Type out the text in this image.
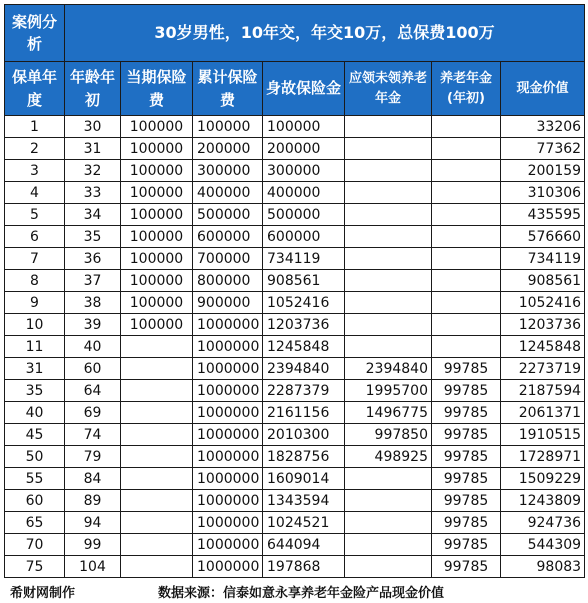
案例分析	30岁男性，10年交，年交10万，总保费100万						
保单年度	年龄年初	当期保险费	累计保险费	身故保险金	应领未领养老年金	养老年金(年初)	现金价值
1	30	100000	100000	100000			33206
2	31	100000	200000	200000			77362
3	32	100000	300000	300000			200159
4	33	100000	400000	400000			310306
5	34	100000	500000	500000			435595
6	35	100000	600000	600000			576660
7	36	100000	700000	734119			734119
8	37	100000	800000	908561			908561
9	38	100000	900000	1052416			1052416
10	39	100000	1000000	1203736			1203736
11	40		1000000	1245848			1245848
31	60		1000000	2394840	2394840	99785	2273719
35	64		1000000	2287379	1995700	99785	2187594
40	69		1000000	2161156	1496775	99785	2061371
45	74		1000000	2010300	997850	99785	1910515
50	79		1000000	1828756	498925	99785	1728971
55	84		1000000	1609014		99785	1509229
60	89		1000000	1343594		99785	1243809
65	94		1000000	1024521		99785	924736
70	99		1000000	644094		99785	544309
75	104		1000000	197868		99785	98083
希财网制作	数据来源：信泰如意永享养老年金险产品现金价值
